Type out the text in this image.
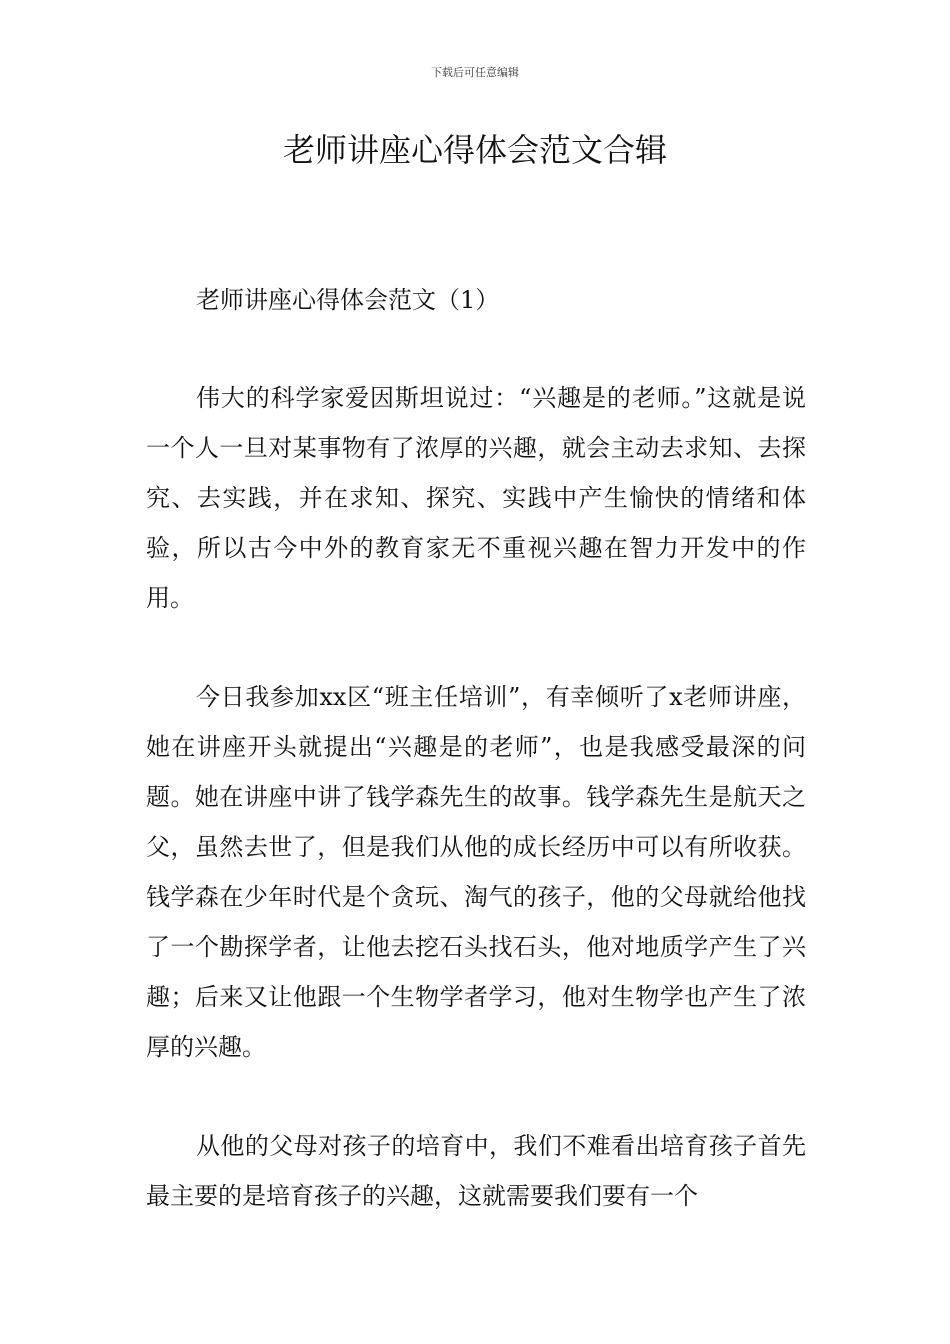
下载后可任意编辑
老师讲座心得体会范文合辑
老师讲座心得体会范文（1）

伟大的科学家爱因斯坦说过：“兴趣是的老师。”这就是说一个人一旦对某事物有了浓厚的兴趣，就会主动去求知、去探究、去实践，并在求知、探究、实践中产生愉快的情绪和体验，所以古今中外的教育家无不重视兴趣在智力开发中的作用。

今日我参加xx区“班主任培训”，有幸倾听了x老师讲座，她在讲座开头就提出“兴趣是的老师”，也是我感受最深的问题。她在讲座中讲了钱学森先生的故事。钱学森先生是航天之父，虽然去世了，但是我们从他的成长经历中可以有所收获。钱学森在少年时代是个贪玩、淘气的孩子，他的父母就给他找了一个勘探学者，让他去挖石头找石头，他对地质学产生了兴趣；后来又让他跟一个生物学者学习，他对生物学也产生了浓厚的兴趣。

从他的父母对孩子的培育中，我们不难看出培育孩子首先最主要的是培育孩子的兴趣，这就需要我们要有一个
